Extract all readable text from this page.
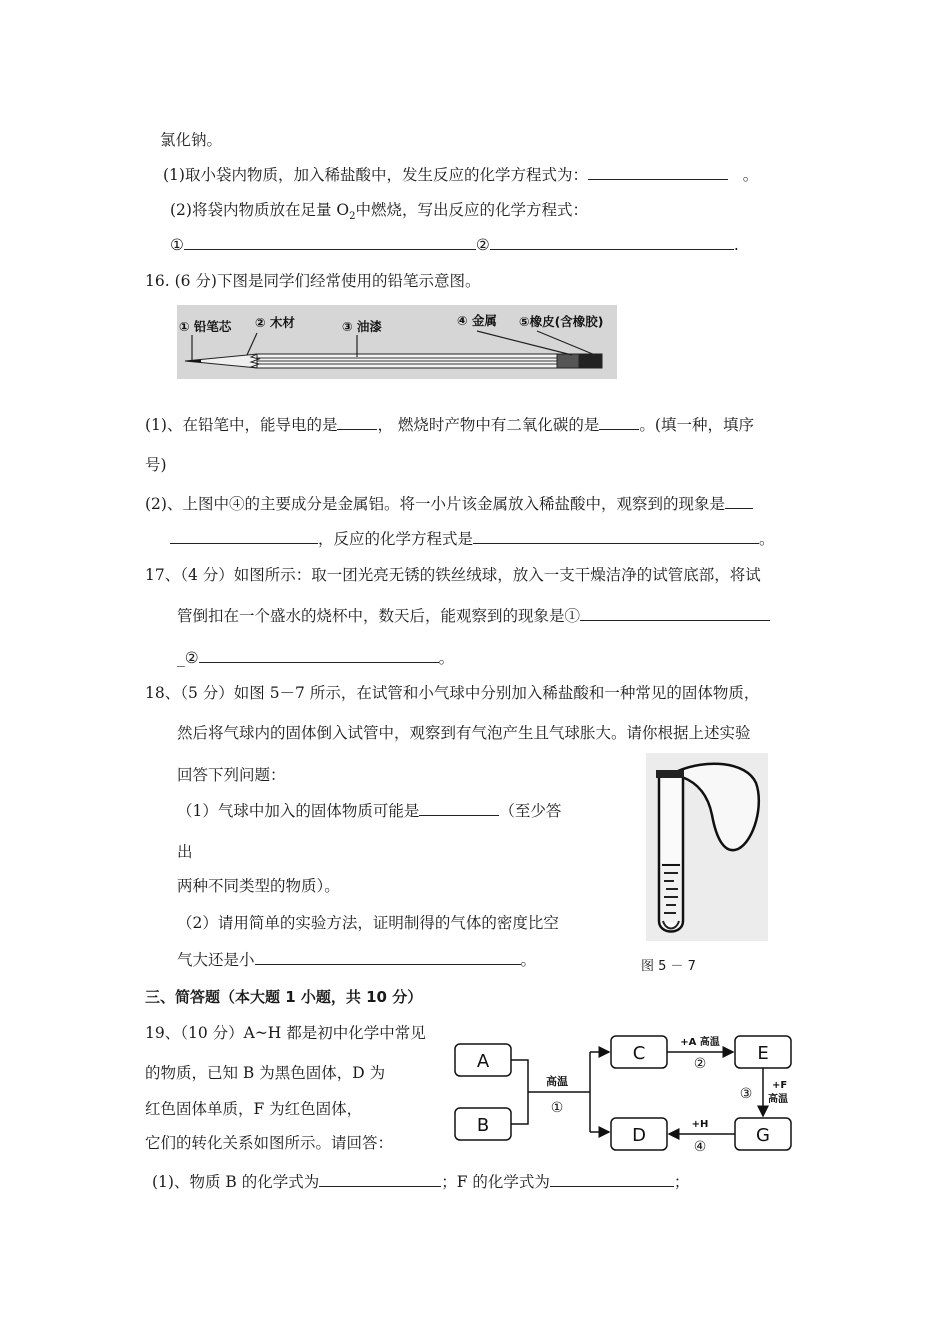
氯化钠。
(1)取小袋内物质，加入稀盐酸中，发生反应的化学方程式为：	。
(2)将袋内物质放在足量 $O_2$中燃烧，写出反应的化学方程式：
①	②	.
16. (6 分)下图是同学们经常使用的铅笔示意图。
① 铅笔芯 ② 木材	③ 油漆	④ 金属 ⑤橡皮(含橡胶)
(1)、在铅笔中，能导电的是	， 燃烧时产物中有二氧化碳的是	。(填一种，填序
号)
(2)、上图中④的主要成分是金属铝。将一小片该金属放入稀盐酸中，观察到的现象是
，反应的化学方程式是	。
17、（4 分）如图所示：取一团光亮无锈的铁丝绒球，放入一支干燥洁净的试管底部，将试
管倒扣在一个盛水的烧杯中，数天后，能观察到的现象是①
_②	。
18、（5 分）如图 5－7 所示，在试管和小气球中分别加入稀盐酸和一种常见的固体物质，
然后将气球内的固体倒入试管中，观察到有气泡产生且气球胀大。请你根据上述实验
回答下列问题：
（1）气球中加入的固体物质可能是	（至少答
出
两种不同类型的物质）。
（2）请用简单的实验方法，证明制得的气体的密度比空
气大还是小	。	图 5 － 7
三、简答题（本大题 1 小题，共 10 分）
19、（10 分）A~H 都是初中化学中常见
的物质，已知 B 为黑色固体，D 为
红色固体单质，F 为红色固体，
它们的转化关系如图所示。请回答：
(1)、物质 B 的化学式为	；F 的化学式为	；
A
B
C
D
E
G
高温
①
+A 高温
②
③
+F
高温
+H
④
